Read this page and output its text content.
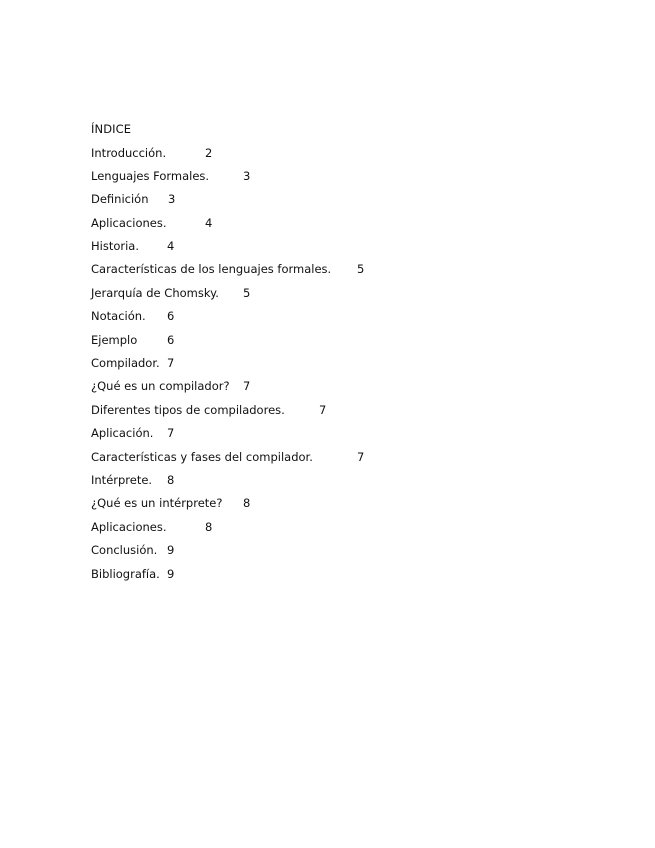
ÍNDICE
Introducción.	2
Lenguajes Formales.	3
Definición 3
Aplicaciones.	4
Historia. 4
Características de los lenguajes formales. 5
Jerarquía de Chomsky. 5
Notación. 6
Ejemplo	6
Compilador. 7
¿Qué es un compilador? 7
Diferentes tipos de compiladores.	7
Aplicación. 7
Características y fases del compilador.	7
Intérprete. 8
¿Qué es un intérprete? 8
Aplicaciones.	8
Conclusión. 9
Bibliografía. 9
